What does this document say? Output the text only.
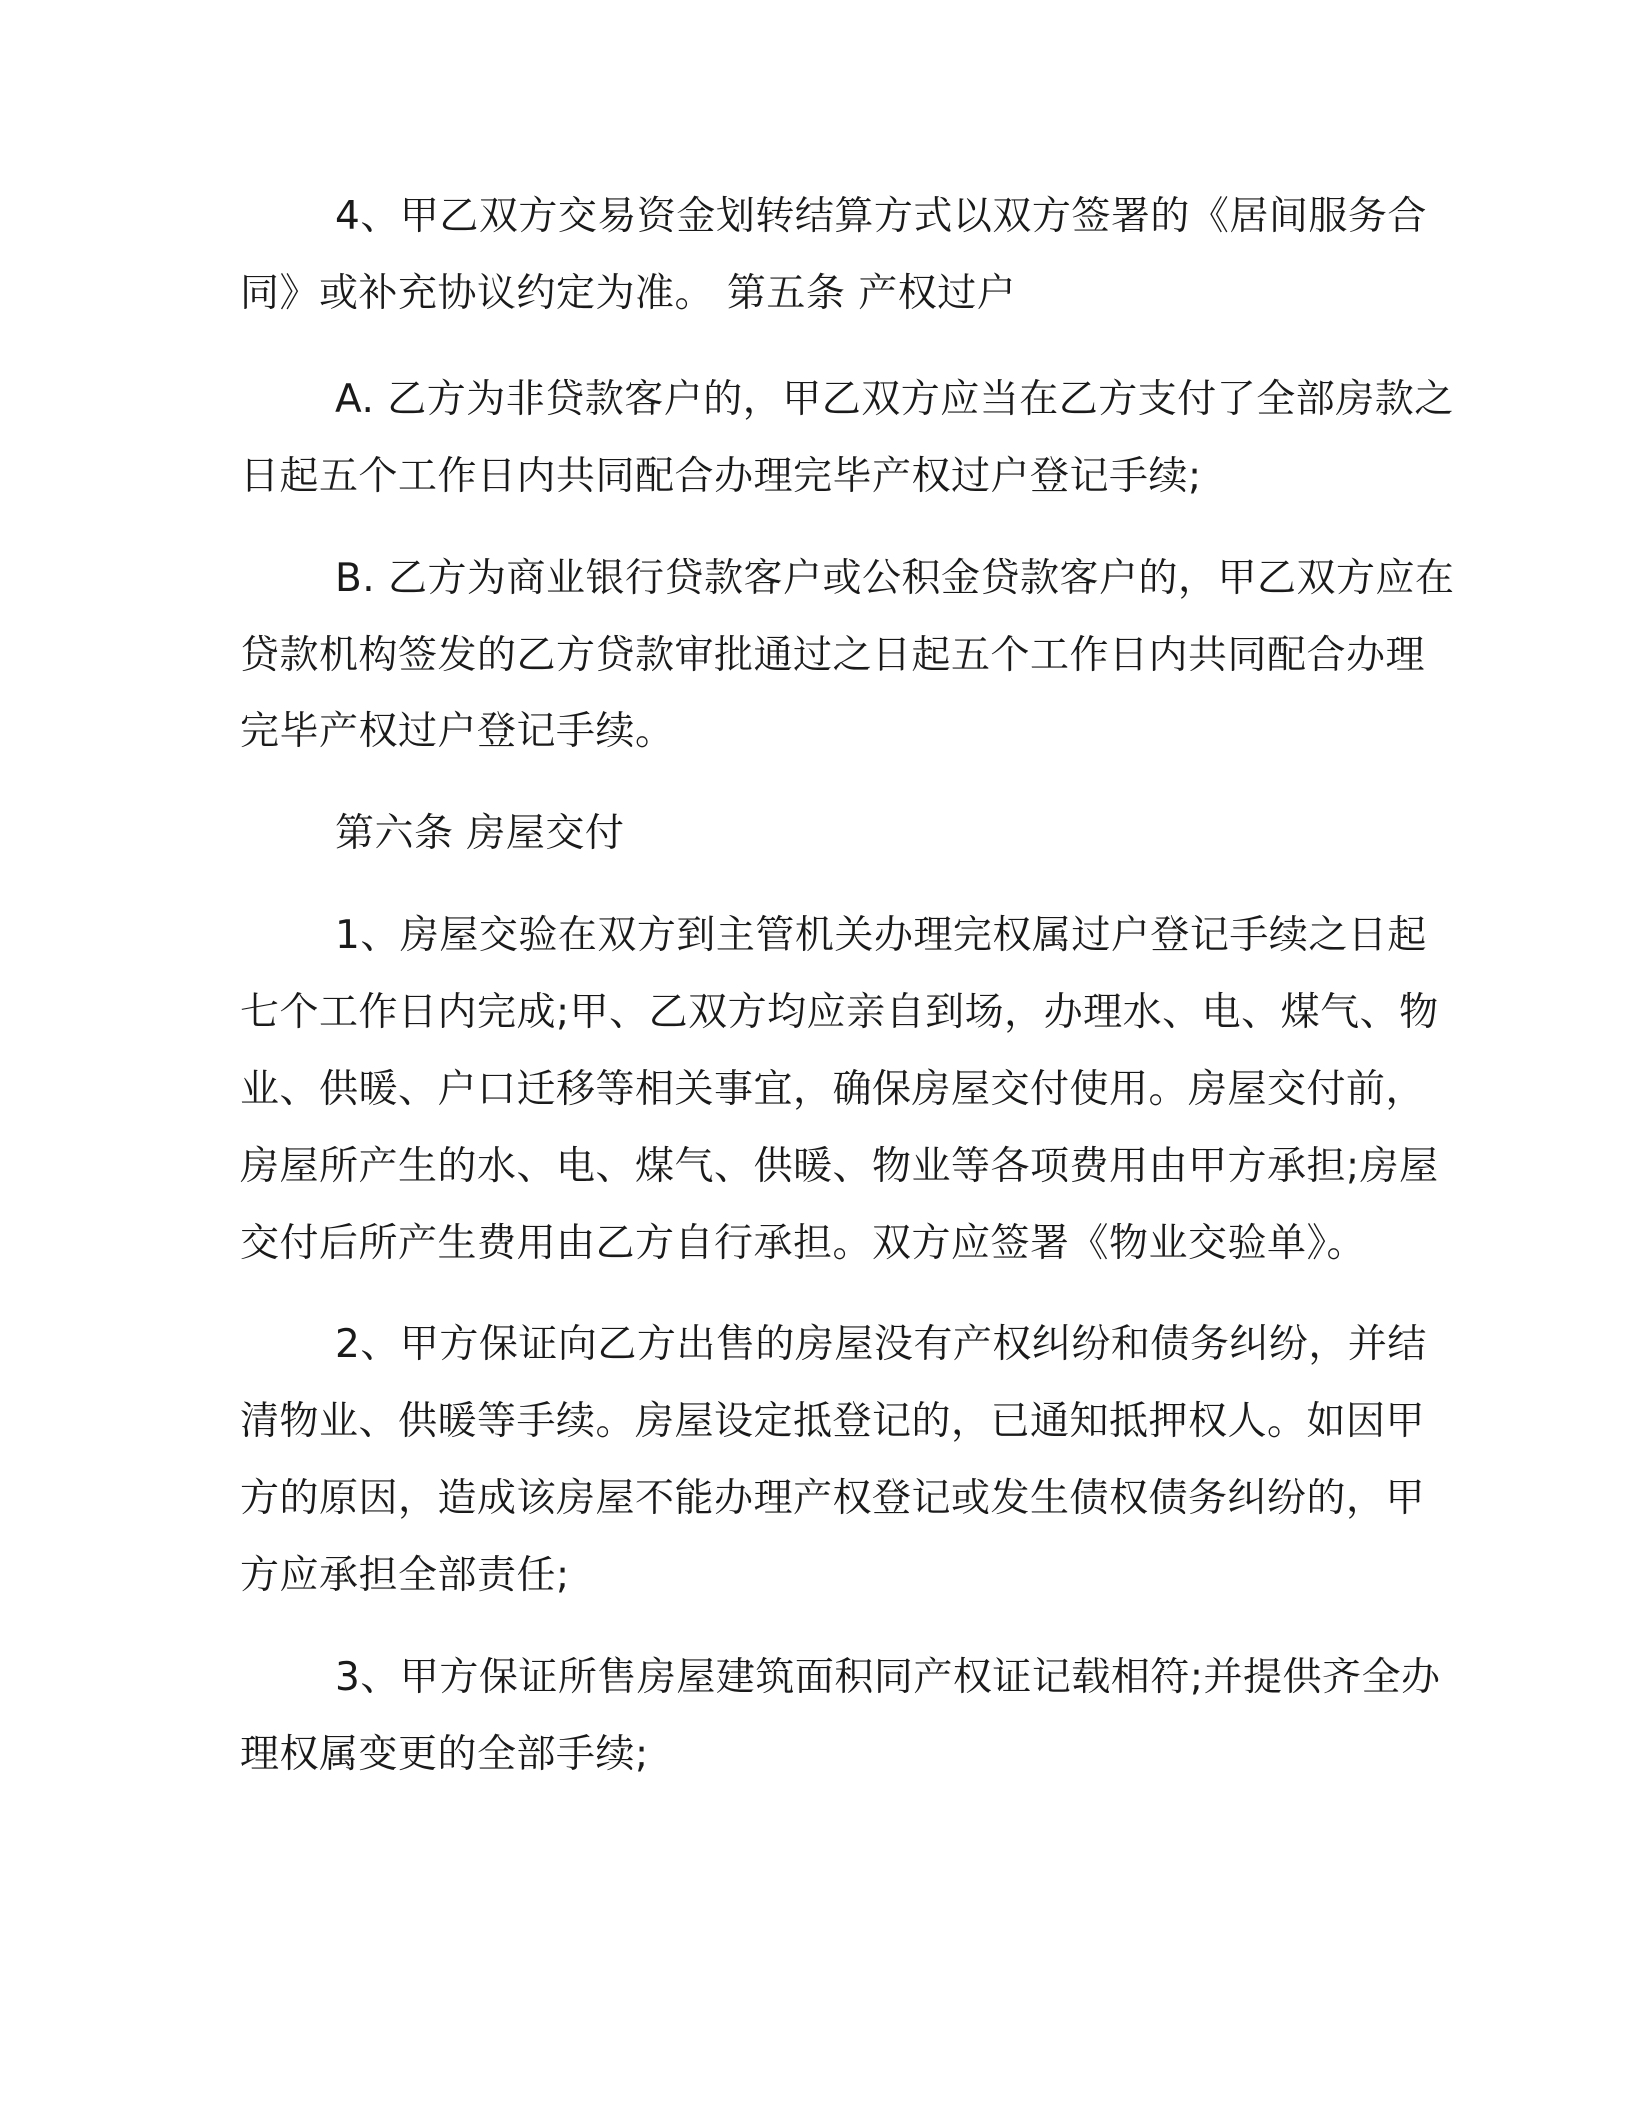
4、甲乙双方交易资金划转结算方式以双方签署的《居间服务合
同》或补充协议约定为准。 第五条 产权过户
A. 乙方为非贷款客户的，甲乙双方应当在乙方支付了全部房款之
日起五个工作日内共同配合办理完毕产权过户登记手续;
B. 乙方为商业银行贷款客户或公积金贷款客户的，甲乙双方应在
贷款机构签发的乙方贷款审批通过之日起五个工作日内共同配合办理
完毕产权过户登记手续。
第六条 房屋交付
1、房屋交验在双方到主管机关办理完权属过户登记手续之日起
七个工作日内完成;甲、乙双方均应亲自到场，办理水、电、煤气、物
业、供暖、户口迁移等相关事宜，确保房屋交付使用。房屋交付前，
房屋所产生的水、电、煤气、供暖、物业等各项费用由甲方承担;房屋
交付后所产生费用由乙方自行承担。双方应签署《物业交验单》。
2、甲方保证向乙方出售的房屋没有产权纠纷和债务纠纷，并结
清物业、供暖等手续。房屋设定抵登记的，已通知抵押权人。如因甲
方的原因，造成该房屋不能办理产权登记或发生债权债务纠纷的，甲
方应承担全部责任;
3、甲方保证所售房屋建筑面积同产权证记载相符;并提供齐全办
理权属变更的全部手续;
